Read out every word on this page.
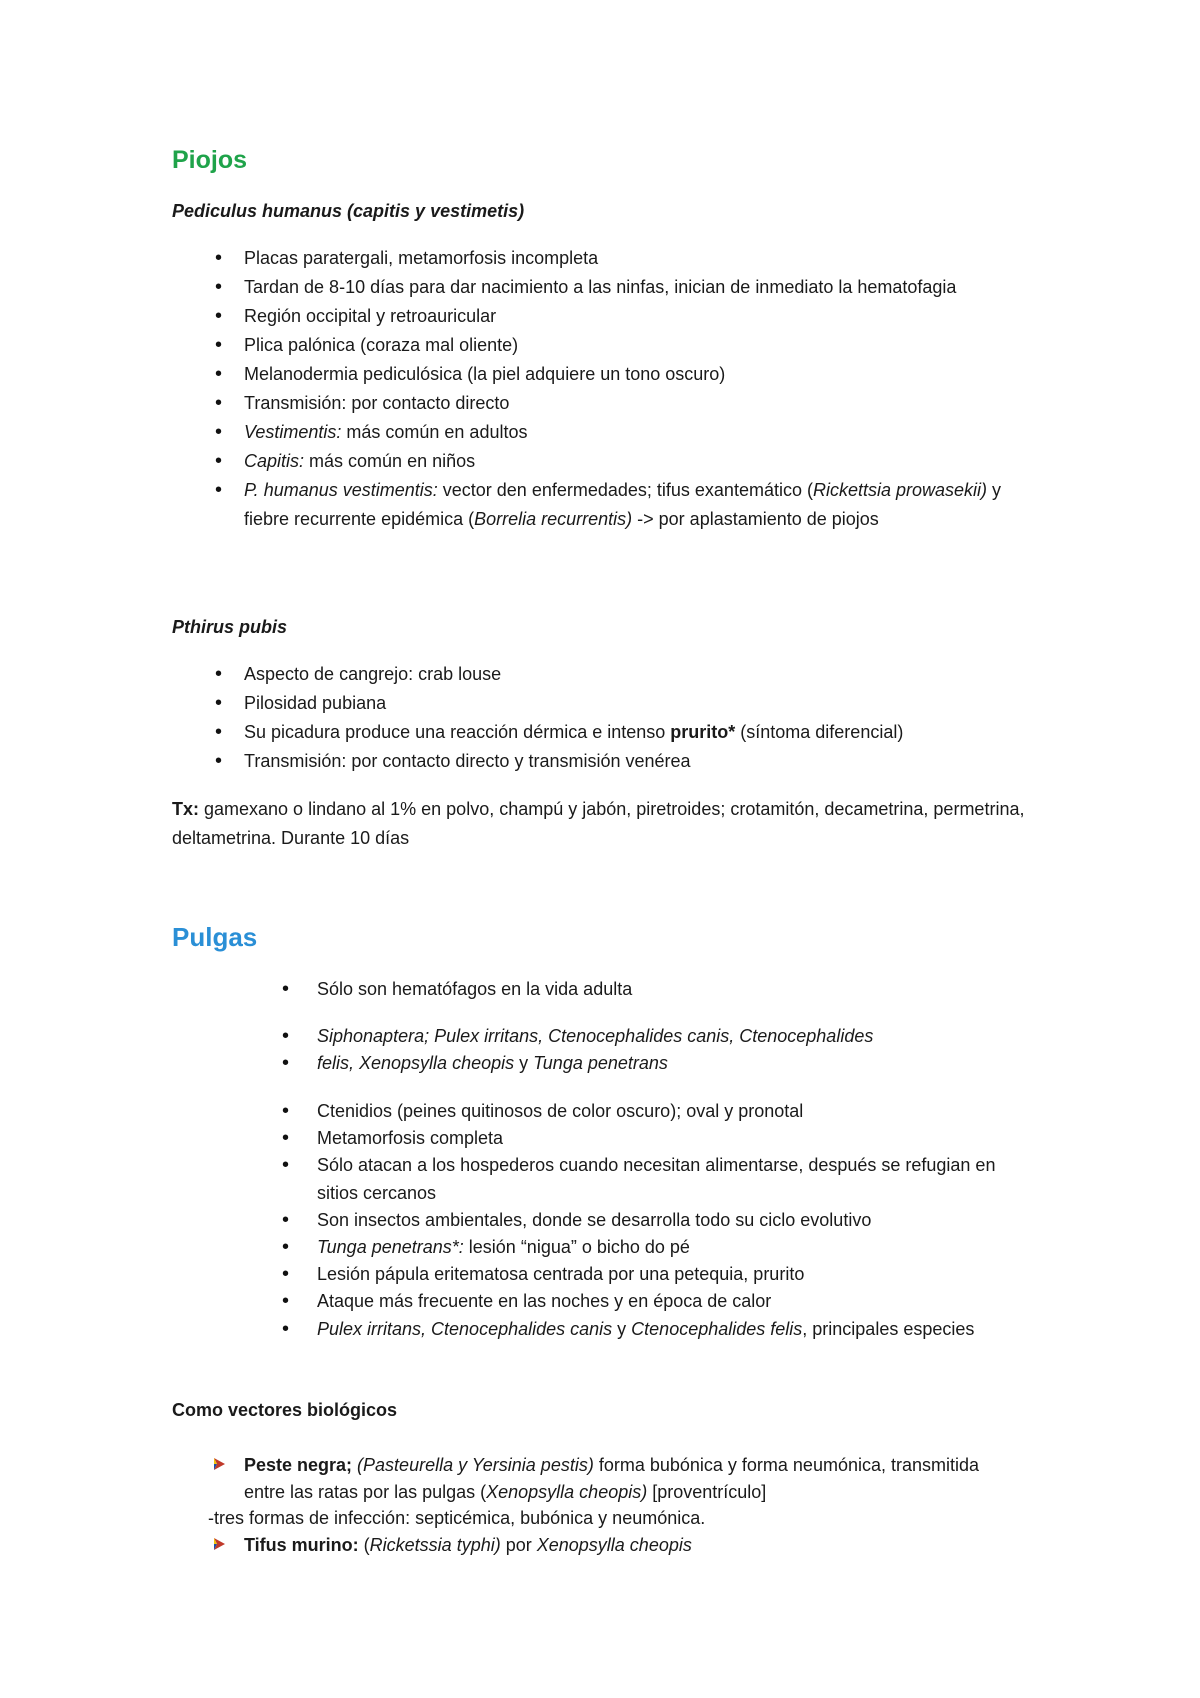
Piojos
Pediculus humanus (capitis y vestimetis)
• Placas paratergali, metamorfosis incompleta
• Tardan de 8-10 días para dar nacimiento a las ninfas, inician de inmediato la hematofagia
• Región occipital y retroauricular
• Plica palónica (coraza mal oliente)
• Melanodermia pediculósica (la piel adquiere un tono oscuro)
• Transmisión: por contacto directo
• Vestimentis: más común en adultos
• Capitis: más común en niños
• P. humanus vestimentis: vector den enfermedades; tifus exantemático (Rickettsia prowasekii) y fiebre recurrente epidémica (Borrelia recurrentis) -> por aplastamiento de piojos
Pthirus pubis
• Aspecto de cangrejo: crab louse
• Pilosidad pubiana
• Su picadura produce una reacción dérmica e intenso prurito* (síntoma diferencial)
• Transmisión: por contacto directo y transmisión venérea
Tx: gamexano o lindano al 1% en polvo, champú y jabón, piretroides; crotamitón, decametrina, permetrina, deltametrina. Durante 10 días
Pulgas
• Sólo son hematófagos en la vida adulta
• Siphonaptera; Pulex irritans, Ctenocephalides canis, Ctenocephalides
• felis, Xenopsylla cheopis y Tunga penetrans
• Ctenidios (peines quitinosos de color oscuro); oval y pronotal
• Metamorfosis completa
• Sólo atacan a los hospederos cuando necesitan alimentarse, después se refugian en sitios cercanos
• Son insectos ambientales, donde se desarrolla todo su ciclo evolutivo
• Tunga penetrans*: lesión “nigua” o bicho do pé
• Lesión pápula eritematosa centrada por una petequia, prurito
• Ataque más frecuente en las noches y en época de calor
• Pulex irritans, Ctenocephalides canis y Ctenocephalides felis, principales especies
Como vectores biológicos
Peste negra; (Pasteurella y Yersinia pestis) forma bubónica y forma neumónica, transmitida entre las ratas por las pulgas (Xenopsylla cheopis) [proventrículo]
-tres formas de infección: septicémica, bubónica y neumónica.
Tifus murino: (Ricketssia typhi) por Xenopsylla cheopis
